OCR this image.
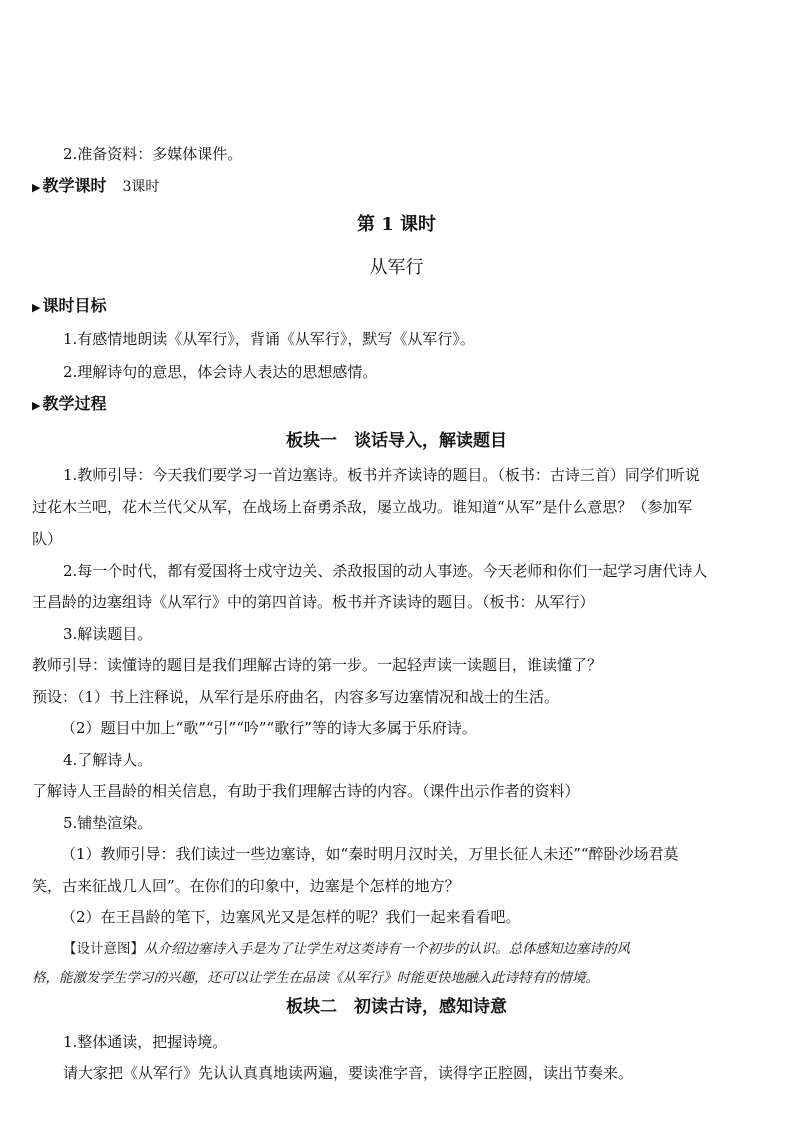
2.准备资料：多媒体课件。
▶ 教学课时 3课时
第 1 课时
从军行
▶ 课时目标
1.有感情地朗读《从军行》，背诵《从军行》，默写《从军行》。
2.理解诗句的意思，体会诗人表达的思想感情。
▶ 教学过程
板块一　谈话导入，解读题目
1.教师引导：今天我们要学习一首边塞诗。板书并齐读诗的题目。（板书：古诗三首）同学们听说
过花木兰吧，花木兰代父从军，在战场上奋勇杀敌，屡立战功。谁知道“从军”是什么意思？（参加军
队）
2.每一个时代，都有爱国将士戍守边关、杀敌报国的动人事迹。今天老师和你们一起学习唐代诗人
王昌龄的边塞组诗《从军行》中的第四首诗。板书并齐读诗的题目。（板书：从军行）
3.解读题目。
教师引导：读懂诗的题目是我们理解古诗的第一步。一起轻声读一读题目，谁读懂了？
预设：（1）书上注释说，从军行是乐府曲名，内容多写边塞情况和战士的生活。
（2）题目中加上“歌”“引”“吟”“歌行”等的诗大多属于乐府诗。
4.了解诗人。
了解诗人王昌龄的相关信息，有助于我们理解古诗的内容。（课件出示作者的资料）
5.铺垫渲染。
（1）教师引导：我们读过一些边塞诗，如“秦时明月汉时关，万里长征人未还”“醉卧沙场君莫
笑，古来征战几人回”。在你们的印象中，边塞是个怎样的地方？
（2）在王昌龄的笔下，边塞风光又是怎样的呢？我们一起来看看吧。
【设计意图】从介绍边塞诗入手是为了让学生对这类诗有一个初步的认识。总体感知边塞诗的风
格，能激发学生学习的兴趣，还可以让学生在品读《从军行》时能更快地融入此诗特有的情境。
板块二　初读古诗，感知诗意
1.整体通读，把握诗境。
请大家把《从军行》先认认真真地读两遍，要读准字音，读得字正腔圆，读出节奏来。
